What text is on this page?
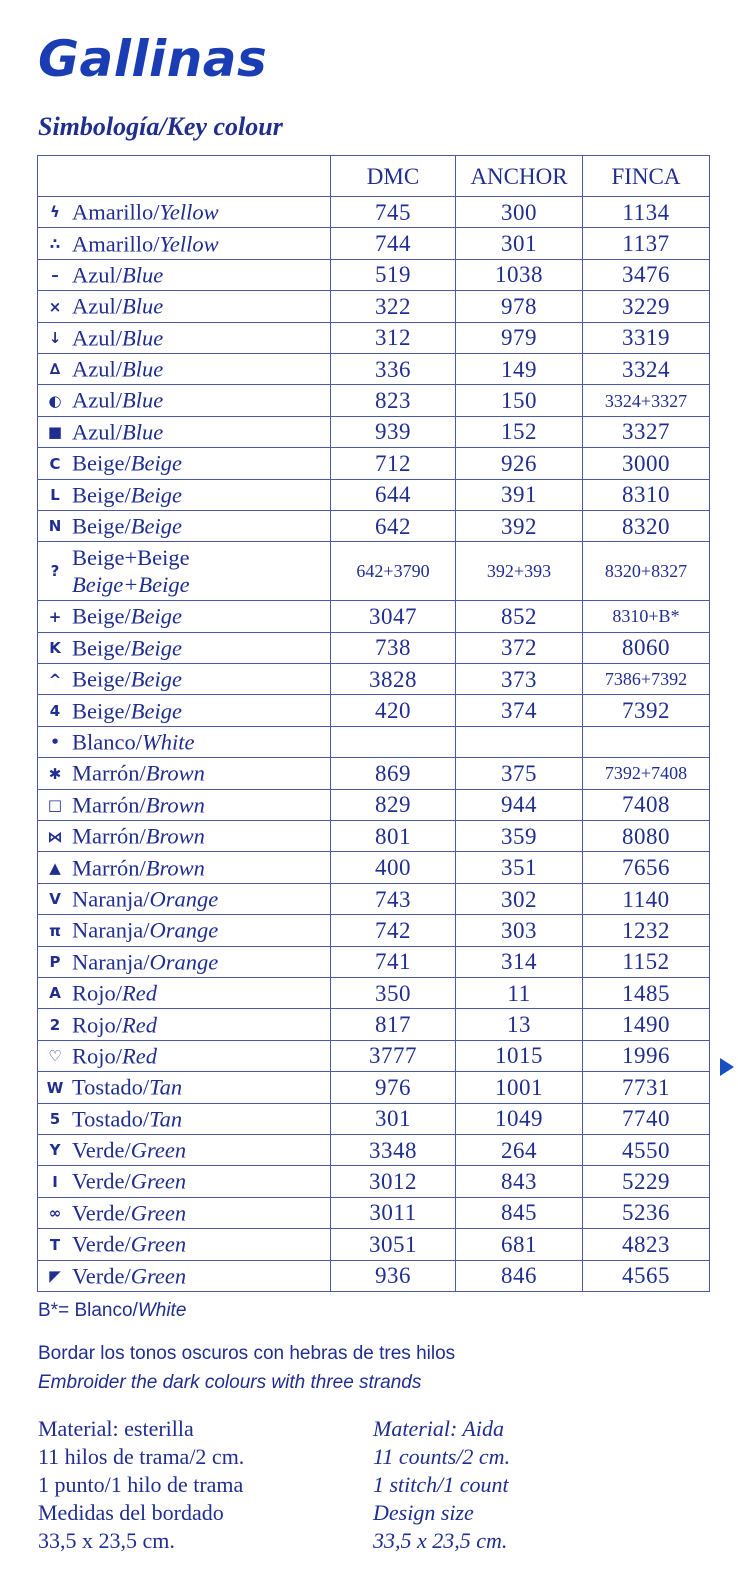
Gallinas
Simbología/Key colour
	DMC	ANCHOR	FINCA
ϟ Amarillo/Yellow	745	300	1134
∴ Amarillo/Yellow	744	301	1137
– Azul/Blue	519	1038	3476
× Azul/Blue	322	978	3229
↓ Azul/Blue	312	979	3319
∆ Azul/Blue	336	149	3324
◐ Azul/Blue	823	150	3324+3327
■ Azul/Blue	939	152	3327
C Beige/Beige	712	926	3000
L Beige/Beige	644	391	8310
N Beige/Beige	642	392	8320
?
Beige+Beige
Beige+Beige	642+3790	392+393	8320+8327
+ Beige/Beige	3047	852	8310+B*
K Beige/Beige	738	372	8060
^ Beige/Beige	3828	373	7386+7392
4 Beige/Beige	420	374	7392
• Blanco/White			
✱ Marrón/Brown	869	375	7392+7408
□ Marrón/Brown	829	944	7408
⋈ Marrón/Brown	801	359	8080
▲ Marrón/Brown	400	351	7656
V Naranja/Orange	743	302	1140
π Naranja/Orange	742	303	1232
P Naranja/Orange	741	314	1152
A Rojo/Red	350	11	1485
2 Rojo/Red	817	13	1490
♡ Rojo/Red	3777	1015	1996
W Tostado/Tan	976	1001	7731
5 Tostado/Tan	301	1049	7740
Y Verde/Green	3348	264	4550
I Verde/Green	3012	843	5229
∞ Verde/Green	3011	845	5236
T Verde/Green	3051	681	4823
◤ Verde/Green	936	846	4565
B*= Blanco/White
Bordar los tonos oscuros con hebras de tres hilos
Embroider the dark colours with three strands
Material: esterilla
11 hilos de trama/2 cm.
1 punto/1 hilo de trama
Medidas del bordado
33,5 x 23,5 cm.
Material: Aida
11 counts/2 cm.
1 stitch/1 count
Design size
33,5 x 23,5 cm.
